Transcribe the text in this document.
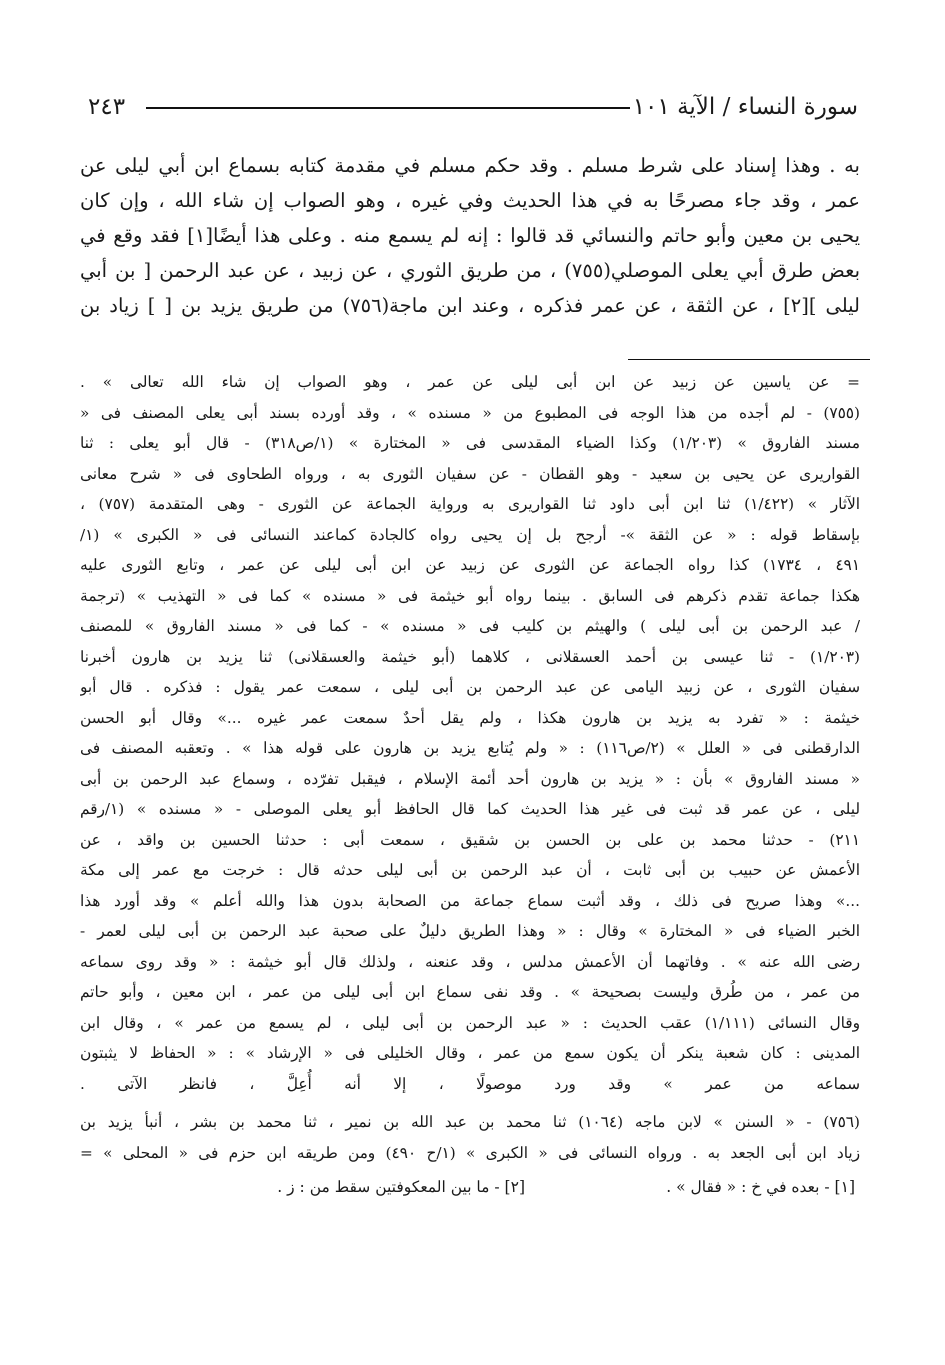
سورة النساء / الآية ١٠١
٢٤٣
به . وهذا إسناد على شرط مسلم . وقد حكم مسلم في مقدمة كتابه بسماع ابن أبي ليلى عن
عمر ، وقد جاء مصرحًا به في هذا الحديث وفي غيره ، وهو الصواب إن شاء الله ، وإن كان
يحيى بن معين وأبو حاتم والنسائي قد قالوا : إنه لم يسمع منه . وعلى هذا أيضًا[١] فقد وقع في
بعض طرق أبي يعلى الموصلي(٧٥٥) ، من طريق الثوري ، عن زبيد ، عن عبد الرحمن [ بن أبي
ليلى ][٢] ، عن الثقة ، عن عمر فذكره ، وعند ابن ماجة(٧٥٦) من طريق يزيد بن [ ] زياد بن
= عن ياسين عن زبيد عن ابن أبى ليلى عن عمر ، وهو الصواب إن شاء الله تعالى » .
(٧٥٥) - لم أجده من هذا الوجه فى المطبوع من « مسنده » ، وقد أورده بسند أبى يعلى المصنف فى «
مسند الفاروق » (١/٢٠٣) وكذا الضياء المقدسى فى « المختارة » (١/ص٣١٨) - قال أبو يعلى : ثنا
القواريرى عن يحيى بن سعيد - وهو القطان - عن سفيان الثورى به ، ورواه الطحاوى فى « شرح معانى
الآثار » (١/٤٢٢) ثنا ابن أبى داود ثنا القواريرى به ورواية الجماعة عن الثورى - وهى المتقدمة (٧٥٧) ،
بإسقاط قوله : « عن الثقة »- أرجح بل إن يحيى رواه كالجادة كماعند النسائى فى « الكبرى » (١/
٤٩١ ، ١٧٣٤) كذا رواه الجماعة عن الثورى عن زبيد عن ابن أبى ليلى عن عمر ، وتابع الثورى عليه
هكذا جماعة تقدم ذكرهم فى السابق . بينما رواه أبو خيثمة فى « مسنده » كما فى « التهذيب » (ترجمة
/ عبد الرحمن بن أبى ليلى ) والهيثم بن كليب فى « مسنده » - كما فى « مسند الفاروق » للمصنف
(١/٢٠٣) - ثنا عيسى بن أحمد العسقلانى ، كلاهما (أبو خيثمة والعسقلانى) ثنا يزيد بن هارون أخبرنا
سفيان الثورى ، عن زبيد اليامى عن عبد الرحمن بن أبى ليلى ، سمعت عمر يقول : فذكره . قال أبو
خيثمة : « تفرد به يزيد بن هارون هكذا ، ولم يقل أحدٌ سمعت عمر غيره ...» وقال أبو الحسن
الدارقطنى فى « العلل » (٢/ص١١٦) : « ولم يُتابع يزيد بن هارون على قوله هذا » . وتعقبه المصنف فى
« مسند الفاروق » بأن : « يزيد بن هارون أحد أئمة الإسلام ، فيقبل تفرّده ، وسماع عبد الرحمن بن أبى
ليلى ، عن عمر قد ثبت فى غير هذا الحديث كما قال الحافظ أبو يعلى الموصلى - « مسنده » (١/رقم
٢١١) - حدثنا محمد بن على بن الحسن بن شقيق ، سمعت أبى : حدثنا الحسين بن واقد ، عن
الأعمش عن حبيب بن أبى ثابت ، أن عبد الرحمن بن أبى ليلى حدثه قال : خرجت مع عمر إلى مكة
...» وهذا صريح فى ذلك ، وقد أثبت سماع جماعة من الصحابة بدون هذا والله أعلم » وقد أورد هذا
الخبر الضياء فى « المختارة » وقال : « وهذا الطريق دليلٌ على صحبة عبد الرحمن بن أبى ليلى لعمر -
رضى الله عنه » . وفاتهما أن الأعمش مدلس ، وقد عنعنه ، ولذلك قال أبو خيثمة : « وقد روى سماعه
من عمر ، من طُرق وليست بصحيحة » . وقد نفى سماع ابن أبى ليلى من عمر ، ابن معين ، وأبو حاتم
وقال النسائى (١/١١١) عقب الحديث : « عبد الرحمن بن أبى ليلى ، لم يسمع من عمر » ، وقال ابن
المدينى : كان شعبة ينكر أن يكون سمع من عمر ، وقال الخليلى فى « الإرشاد » : « الحفاظ لا يثبتون
سماعه من عمر » وقد ورد موصولًا ، إلا أنه أُعِلَّ ، فانظر الآتى .
(٧٥٦) - « السنن » لابن ماجه (١٠٦٤) ثنا محمد بن عبد الله بن نمير ، ثنا محمد بن بشر ، أنبأ يزيد بن
زياد ابن أبى الجعد به . ورواه النسائى فى « الكبرى » (١/ح ٤٩٠) ومن طريقه ابن حزم فى « المحلى » =
[١] - بعده في خ : « فقال » .
[٢] - ما بين المعكوفتين سقط من : ز .
